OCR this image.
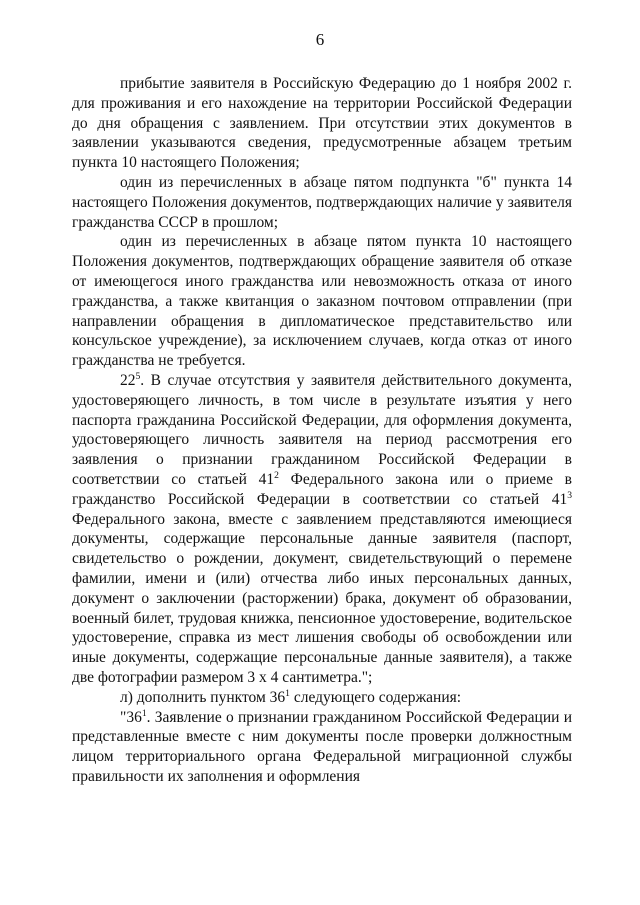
6

прибытие заявителя в Российскую Федерацию до 1 ноября 2002 г. для проживания и его нахождение на территории Российской Федерации до дня обращения с заявлением. При отсутствии этих документов в заявлении указываются сведения, предусмотренные абзацем третьим пункта 10 настоящего Положения;

один из перечисленных в абзаце пятом подпункта "б" пункта 14 настоящего Положения документов, подтверждающих наличие у заявителя гражданства СССР в прошлом;

один из перечисленных в абзаце пятом пункта 10 настоящего Положения документов, подтверждающих обращение заявителя об отказе от имеющегося иного гражданства или невозможность отказа от иного гражданства, а также квитанция о заказном почтовом отправлении (при направлении обращения в дипломатическое представительство или консульское учреждение), за исключением случаев, когда отказ от иного гражданства не требуется.

$22^5$. В случае отсутствия у заявителя действительного документа, удостоверяющего личность, в том числе в результате изъятия у него паспорта гражданина Российской Федерации, для оформления документа, удостоверяющего личность заявителя на период рассмотрения его заявления о признании гражданином Российской Федерации в соответствии со статьей $41^2$ Федерального закона или о приеме в гражданство Российской Федерации в соответствии со статьей $41^3$ Федерального закона, вместе с заявлением представляются имеющиеся документы, содержащие персональные данные заявителя (паспорт, свидетельство о рождении, документ, свидетельствующий о перемене фамилии, имени и (или) отчества либо иных персональных данных, документ о заключении (расторжении) брака, документ об образовании, военный билет, трудовая книжка, пенсионное удостоверение, водительское удостоверение, справка из мест лишения свободы об освобождении или иные документы, содержащие персональные данные заявителя), а также две фотографии размером 3 х 4 сантиметра.";

л) дополнить пунктом $36^1$ следующего содержания:

"$36^1$. Заявление о признании гражданином Российской Федерации и представленные вместе с ним документы после проверки должностным лицом территориального органа Федеральной миграционной службы правильности их заполнения и оформления
